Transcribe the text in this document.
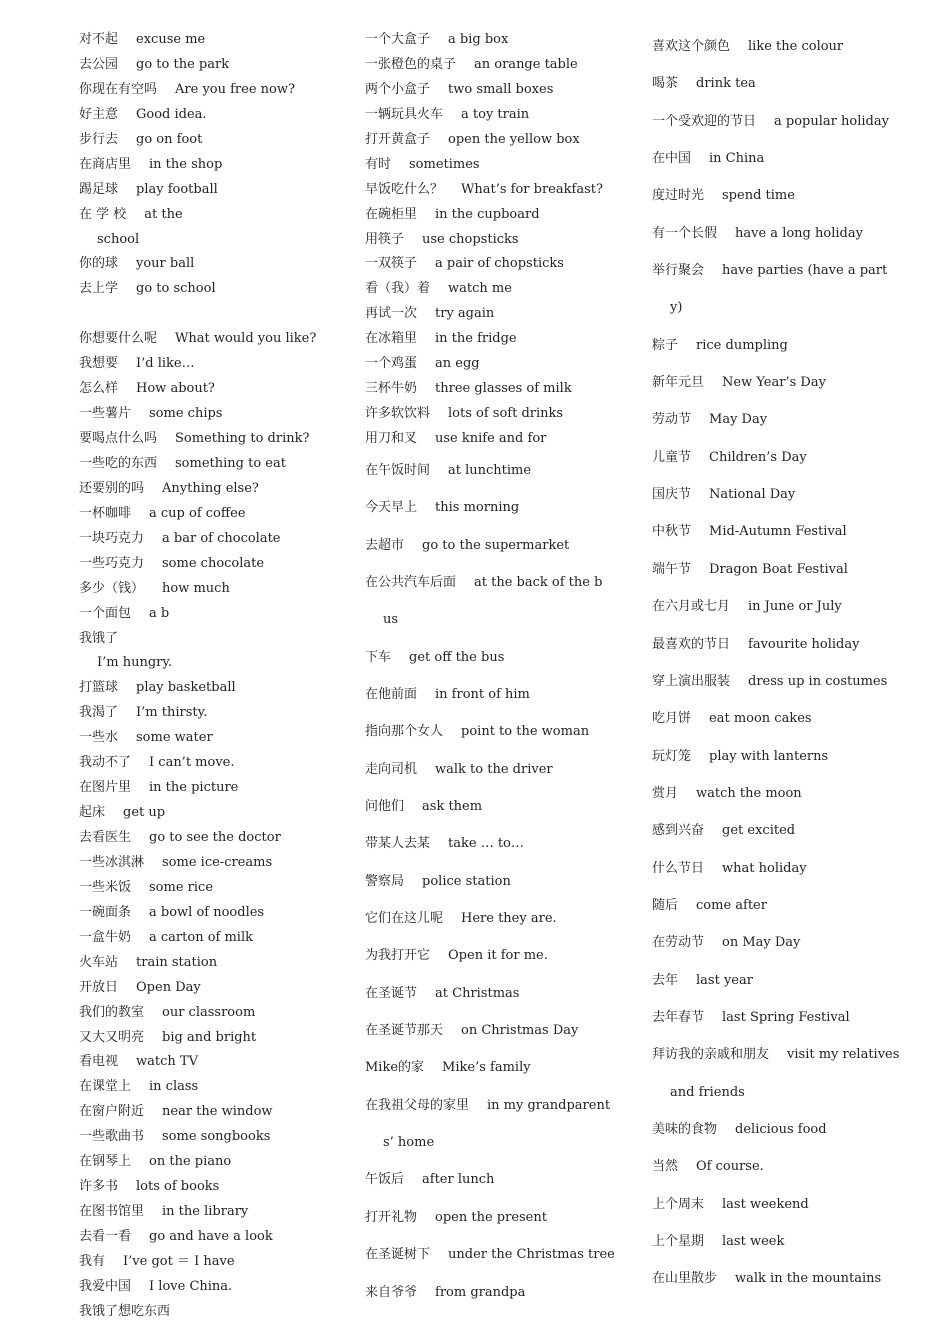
对不起 excuse me
去公园 go to the park
你现在有空吗 Are you free now?
好主意 Good idea.
步行去 go on foot
在商店里 in the shop
踢足球 play football
在 学 校 at the
school
你的球 your ball
去上学 go to school
你想要什么呢 What would you like?
我想要 I’d like…
怎么样 How about?
一些薯片 some chips
要喝点什么吗 Something to drink?
一些吃的东西 something to eat
还要别的吗 Anything else?
一杯咖啡 a cup of coffee
一块巧克力 a bar of chocolate
一些巧克力 some chocolate
多少（钱） how much
一个面包 a b
我饿了
I’m hungry.
打篮球 play basketball
我渴了 I’m thirsty.
一些水 some water
我动不了 I can’t move.
在图片里 in the picture
起床 get up
去看医生 go to see the doctor
一些冰淇淋 some ice-creams
一些米饭 some rice
一碗面条 a bowl of noodles
一盒牛奶 a carton of milk
火车站 train station
开放日 Open Day
我们的教室 our classroom
又大又明亮 big and bright
看电视 watch TV
在课堂上 in class
在窗户附近 near the window
一些歌曲书 some songbooks
在钢琴上 on the piano
许多书 lots of books
在图书馆里 in the library
去看一看 go and have a look
我有 I’ve got ＝ I have
我爱中国 I love China.
我饿了想吃东西
一个大盒子 a big box
一张橙色的桌子 an orange table
两个小盒子 two small boxes
一辆玩具火车 a toy train
打开黄盒子 open the yellow box
有时 sometimes
早饭吃什么？ What’s for breakfast?
在碗柜里 in the cupboard
用筷子 use chopsticks
一双筷子 a pair of chopsticks
看（我）着 watch me
再试一次 try again
在冰箱里 in the fridge
一个鸡蛋 an egg
三杯牛奶 three glasses of milk
许多软饮料 lots of soft drinks
用刀和叉 use knife and for
在午饭时间 at lunchtime
今天早上 this morning
去超市 go to the supermarket
在公共汽车后面 at the back of the b
us
下车 get off the bus
在他前面 in front of him
指向那个女人 point to the woman
走向司机 walk to the driver
问他们 ask them
带某人去某 take … to…
警察局 police station
它们在这儿呢 Here they are.
为我打开它 Open it for me.
在圣诞节 at Christmas
在圣诞节那天 on Christmas Day
Mike的家 Mike’s family
在我祖父母的家里 in my grandparent
s’ home
午饭后 after lunch
打开礼物 open the present
在圣诞树下 under the Christmas tree
来自爷爷 from grandpa
喜欢这个颜色 like the colour
喝茶 drink tea
一个受欢迎的节日 a popular holiday
在中国 in China
度过时光 spend time
有一个长假 have a long holiday
举行聚会 have parties (have a part
y)
粽子 rice dumpling
新年元旦 New Year’s Day
劳动节 May Day
儿童节 Children’s Day
国庆节 National Day
中秋节 Mid-Autumn Festival
端午节 Dragon Boat Festival
在六月或七月 in June or July
最喜欢的节日 favourite holiday
穿上演出服装 dress up in costumes
吃月饼 eat moon cakes
玩灯笼 play with lanterns
赏月 watch the moon
感到兴奋 get excited
什么节日 what holiday
随后 come after
在劳动节 on May Day
去年 last year
去年春节 last Spring Festival
拜访我的亲戚和朋友 visit my relatives
and friends
美味的食物 delicious food
当然 Of course.
上个周末 last weekend
上个星期 last week
在山里散步 walk in the mountains
